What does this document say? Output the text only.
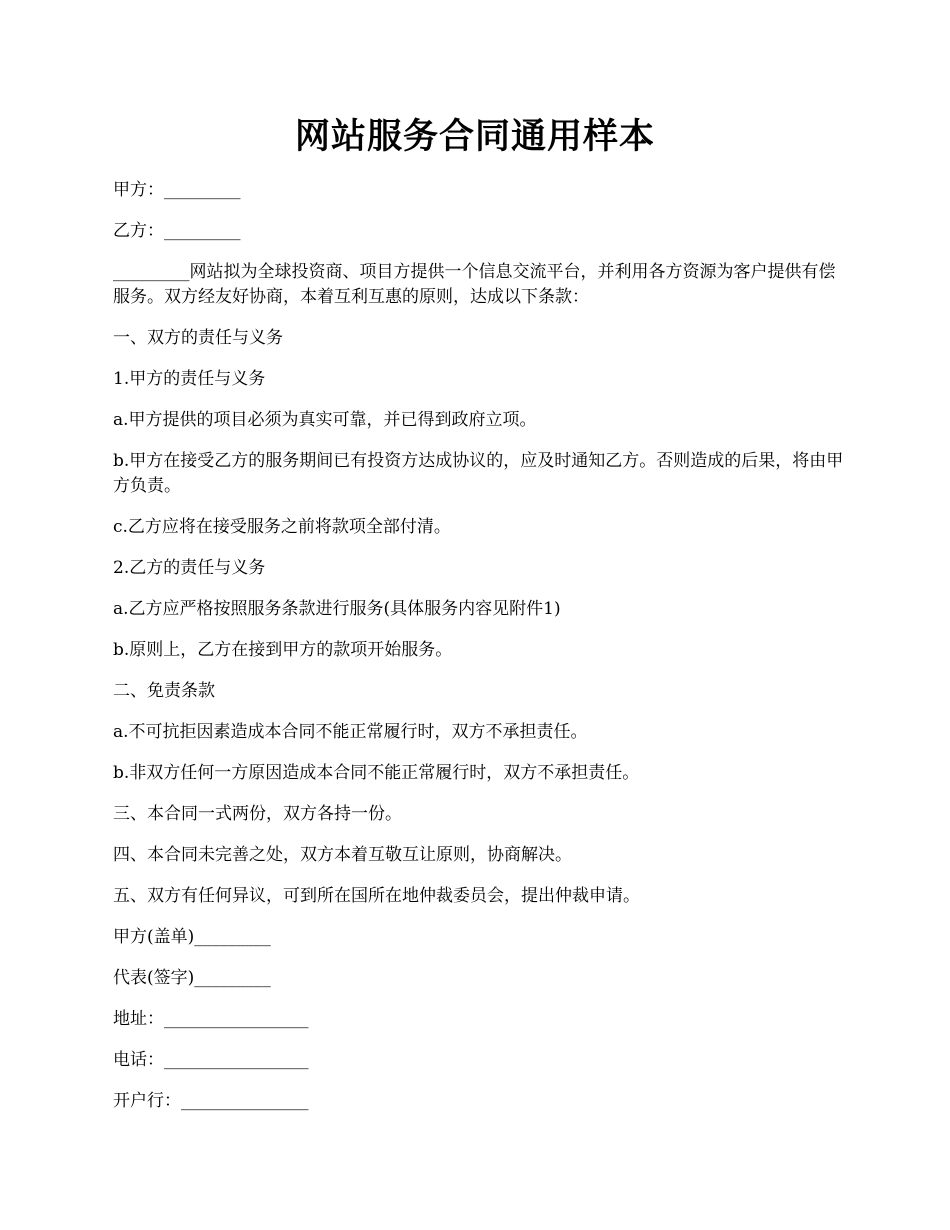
网站服务合同通用样本

甲方：_________

乙方：_________

_________网站拟为全球投资商、项目方提供一个信息交流平台，并利用各方资源为客户提供有偿服务。双方经友好协商，本着互利互惠的原则，达成以下条款：

一、双方的责任与义务

1.甲方的责任与义务

a.甲方提供的项目必须为真实可靠，并已得到政府立项。

b.甲方在接受乙方的服务期间已有投资方达成协议的，应及时通知乙方。否则造成的后果，将由甲方负责。

c.乙方应将在接受服务之前将款项全部付清。

2.乙方的责任与义务

a.乙方应严格按照服务条款进行服务(具体服务内容见附件1)

b.原则上，乙方在接到甲方的款项开始服务。

二、免责条款

a.不可抗拒因素造成本合同不能正常履行时，双方不承担责任。

b.非双方任何一方原因造成本合同不能正常履行时，双方不承担责任。

三、本合同一式两份，双方各持一份。

四、本合同未完善之处，双方本着互敬互让原则，协商解决。

五、双方有任何异议，可到所在国所在地仲裁委员会，提出仲裁申请。

甲方(盖单)_________

代表(签字)_________

地址：_________________

电话：_________________

开户行：_______________
